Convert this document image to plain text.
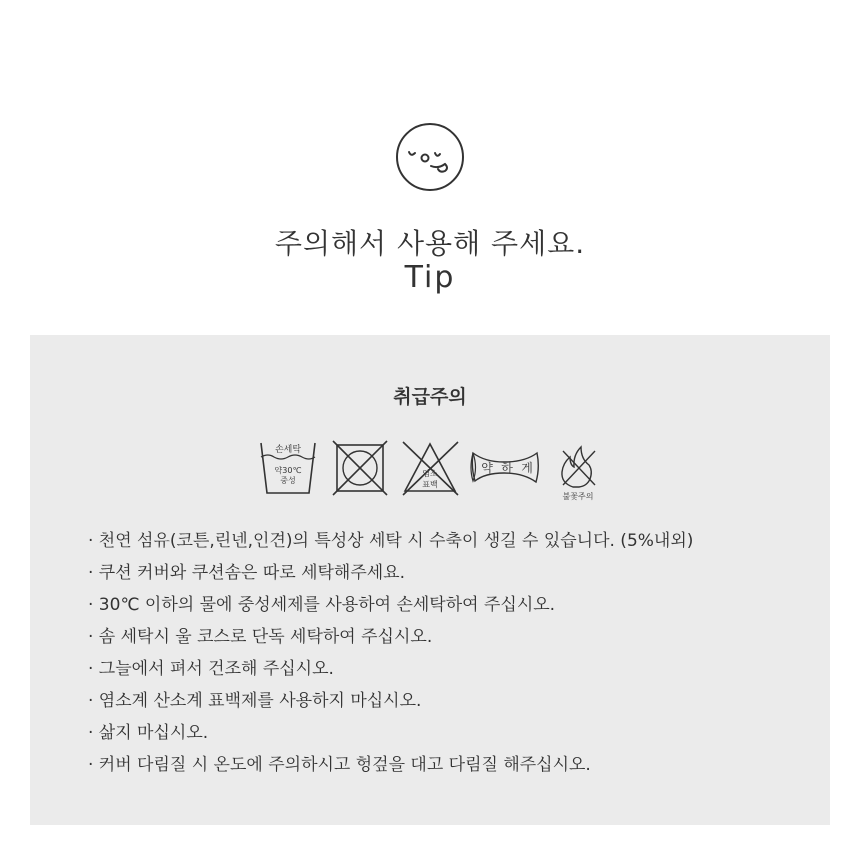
주의해서 사용해 주세요.
Tip
취급주의
손세탁
약30℃
중성
염소
표백
약 하 게
불꽃주의
· 천연 섬유(코튼,린넨,인견)의 특성상 세탁 시 수축이 생길 수 있습니다. (5%내외)
· 쿠션 커버와 쿠션솜은 따로 세탁해주세요.
· 30℃ 이하의 물에 중성세제를 사용하여 손세탁하여 주십시오.
· 솜 세탁시 울 코스로 단독 세탁하여 주십시오.
· 그늘에서 펴서 건조해 주십시오.
· 염소계 산소계 표백제를 사용하지 마십시오.
· 삶지 마십시오.
· 커버 다림질 시 온도에 주의하시고 헝겊을 대고 다림질 해주십시오.
